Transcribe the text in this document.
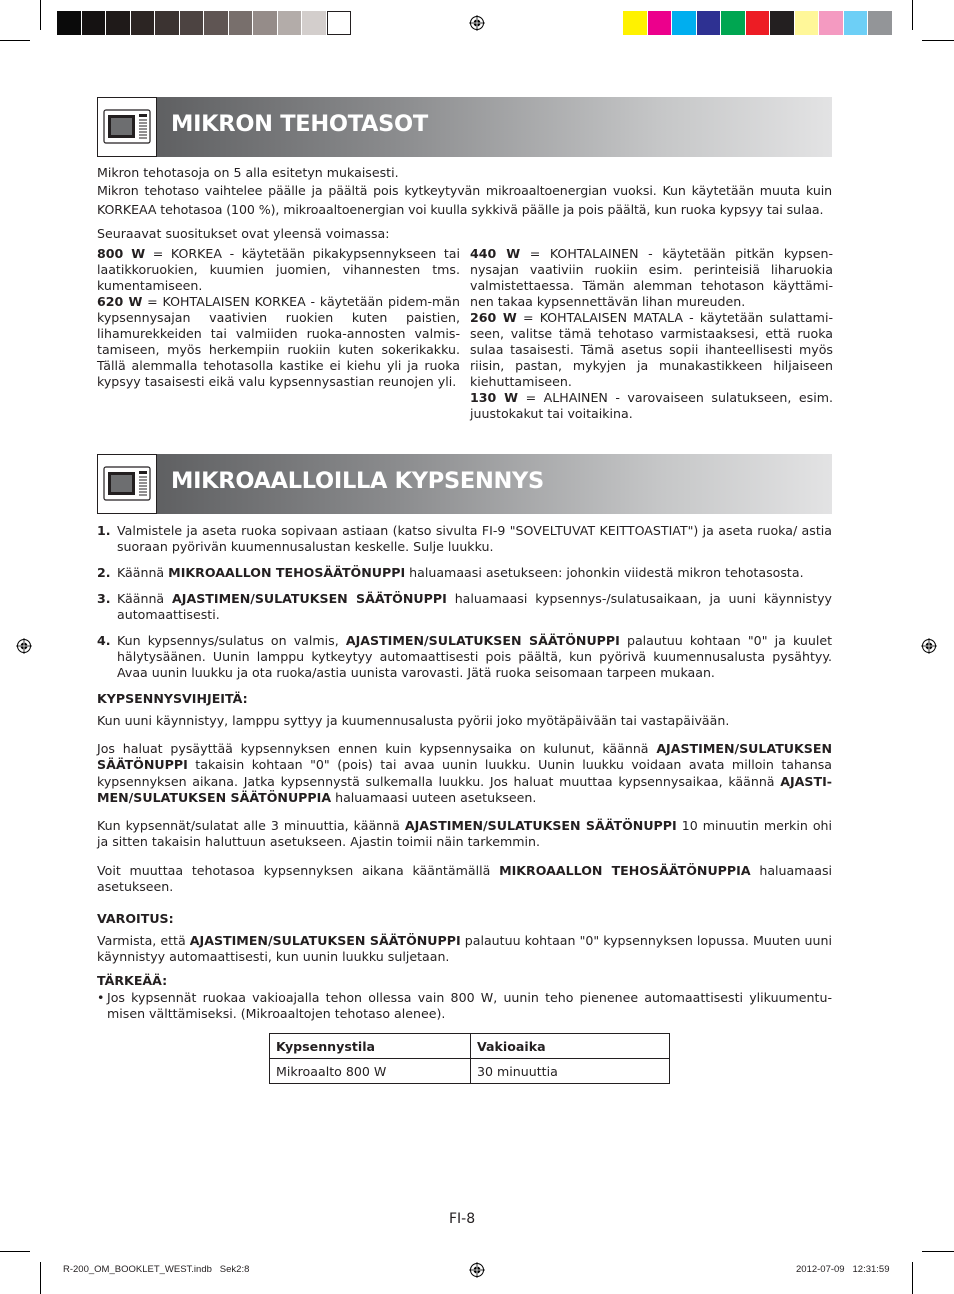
MIKRON TEHOTASOT

Mikron tehotasoja on 5 alla esitetyn mukaisesti.

Mikron tehotaso vaihtelee päälle ja päältä pois kytkeytyvän mikroaaltoenergian vuoksi. Kun käytetään muuta kuin KORKEAA tehotasoa (100 %), mikroaaltoenergian voi kuulla sykkivä päälle ja pois päältä, kun ruoka kypsyy tai sulaa.

Seuraavat suositukset ovat yleensä voimassa:

800 W = KORKEA - käytetään pikakypsennykseen tai laatikkoruokien, kuumien juomien, vihannesten tms. kumentamiseen.
620 W = KOHTALAISEN KORKEA - käytetään pidem-män kypsennysajan vaativien ruokien kuten paistien, lihamurekkeiden tai valmiiden ruoka-annosten valmis-tamiseen, myös herkempiin ruokiin kuten sokerikakku. Tällä alemmalla tehotasolla kastike ei kiehu yli ja ruoka kypsyy tasaisesti eikä valu kypsennysastian reunojen yli.
440 W = KOHTALAINEN - käytetään pitkän kypsen-nysajan vaativiin ruokiin esim. perinteisiä liharuokia valmistettaessa. Tämän alemman tehotason käyttämi-nen takaa kypsennettävän lihan mureuden.
260 W = KOHTALAISEN MATALA - käytetään sulattami-seen, valitse tämä tehotaso varmistaaksesi, että ruoka sulaa tasaisesti. Tämä asetus sopii ihanteellisesti myös riisin, pastan, mykyjen ja munakastikkeen hiljaiseen kiehuttamiseen.
130 W = ALHAINEN - varovaiseen sulatukseen, esim. juustokakut tai voitaikina.
MIKROAALLOILLA KYPSENNYS
1. Valmistele ja aseta ruoka sopivaan astiaan (katso sivulta FI-9 "SOVELTUVAT KEITTOASTIAT") ja aseta ruoka/ astia suoraan pyörivän kuumennusalustan keskelle. Sulje luukku.
2. Käännä MIKROAALLON TEHOSÄÄTÖNUPPI haluamaasi asetukseen: johonkin viidestä mikron tehotasosta.
3. Käännä AJASTIMEN/SULATUKSEN SÄÄTÖNUPPI haluamaasi kypsennys-/sulatusaikaan, ja uuni käynnistyy automaattisesti.
4. Kun kypsennys/sulatus on valmis, AJASTIMEN/SULATUKSEN SÄÄTÖNUPPI palautuu kohtaan "0" ja kuulet hälytysäänen. Uunin lamppu kytkeytyy automaattisesti pois päältä, kun pyörivä kuumennusalusta pysähtyy. Avaa uunin luukku ja ota ruoka/astia uunista varovasti. Jätä ruoka seisomaan tarpeen mukaan.

KYPSENNYSVIHJEITÄ:

Kun uuni käynnistyy, lamppu syttyy ja kuumennusalusta pyörii joko myötäpäivään tai vastapäivään.

Jos haluat pysäyttää kypsennyksen ennen kuin kypsennysaika on kulunut, käännä AJASTIMEN/SULATUKSEN SÄÄTÖNUPPI takaisin kohtaan "0" (pois) tai avaa uunin luukku. Uunin luukku voidaan avata milloin tahansa kypsennyksen aikana. Jatka kypsennystä sulkemalla luukku. Jos haluat muuttaa kypsennysaikaa, käännä AJASTI-MEN/SULATUKSEN SÄÄTÖNUPPIA haluamaasi uuteen asetukseen.

Kun kypsennät/sulatat alle 3 minuuttia, käännä AJASTIMEN/SULATUKSEN SÄÄTÖNUPPI 10 minuutin merkin ohi ja sitten takaisin haluttuun asetukseen. Ajastin toimii näin tarkemmin.

Voit muuttaa tehotasoa kypsennyksen aikana kääntämällä MIKROAALLON TEHOSÄÄTÖNUPPIA haluamaasi asetukseen.

VAROITUS:

Varmista, että AJASTIMEN/SULATUKSEN SÄÄTÖNUPPI palautuu kohtaan "0" kypsennyksen lopussa. Muuten uuni käynnistyy automaattisesti, kun uunin luukku suljetaan.

TÄRKEÄÄ:

• Jos kypsennät ruokaa vakioajalla tehon ollessa vain 800 W, uunin teho pienenee automaattisesti ylikuumentu-misen välttämiseksi. (Mikroaaltojen tehotaso alenee).

Kypsennystila	Vakioaika
Mikroaalto 800 W	30 minuuttia
FI-8
R-200_OM_BOOKLET_WEST.indb   Sek2:8	2012-07-09   12:31:59
